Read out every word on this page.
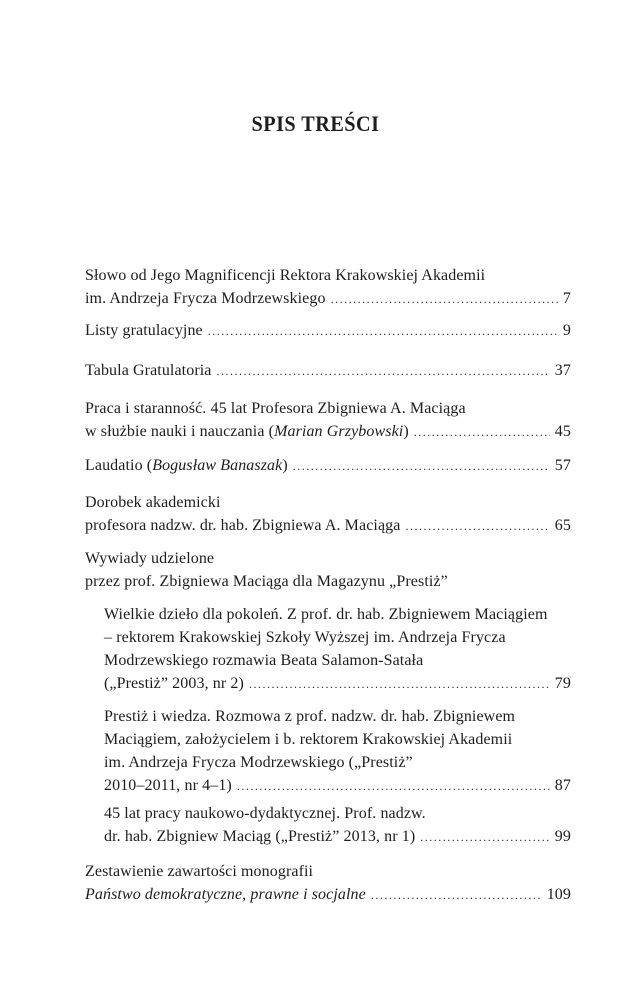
SPIS TREŚCI
Słowo od Jego Magnificencji Rektora Krakowskiej Akademii
im. Andrzeja Frycza Modrzewskiego .....	7
Listy gratulacyjne .....	9
Tabula Gratulatoria .....	37
Praca i staranność. 45 lat Profesora Zbigniewa A. Maciąga
w służbie nauki i nauczania (Marian Grzybowski) .....	45
Laudatio (Bogusław Banaszak) .....	57
Dorobek akademicki
profesora nadzw. dr. hab. Zbigniewa A. Maciąga .....	65
Wywiady udzielone
przez prof. Zbigniewa Maciąga dla Magazynu „Prestiż”
Wielkie dzieło dla pokoleń. Z prof. dr. hab. Zbigniewem Maciągiem
– rektorem Krakowskiej Szkoły Wyższej im. Andrzeja Frycza
Modrzewskiego rozmawia Beata Salamon-Satała
(„Prestiż” 2003, nr 2) .....	79
Prestiż i wiedza. Rozmowa z prof. nadzw. dr. hab. Zbigniewem
Maciągiem, założycielem i b. rektorem Krakowskiej Akademii
im. Andrzeja Frycza Modrzewskiego („Prestiż”
2010–2011, nr 4–1) .....	87
45 lat pracy naukowo-dydaktycznej. Prof. nadzw.
dr. hab. Zbigniew Maciąg („Prestiż” 2013, nr 1) .....	99
Zestawienie zawartości monografii
Państwo demokratyczne, prawne i socjalne .....	109
